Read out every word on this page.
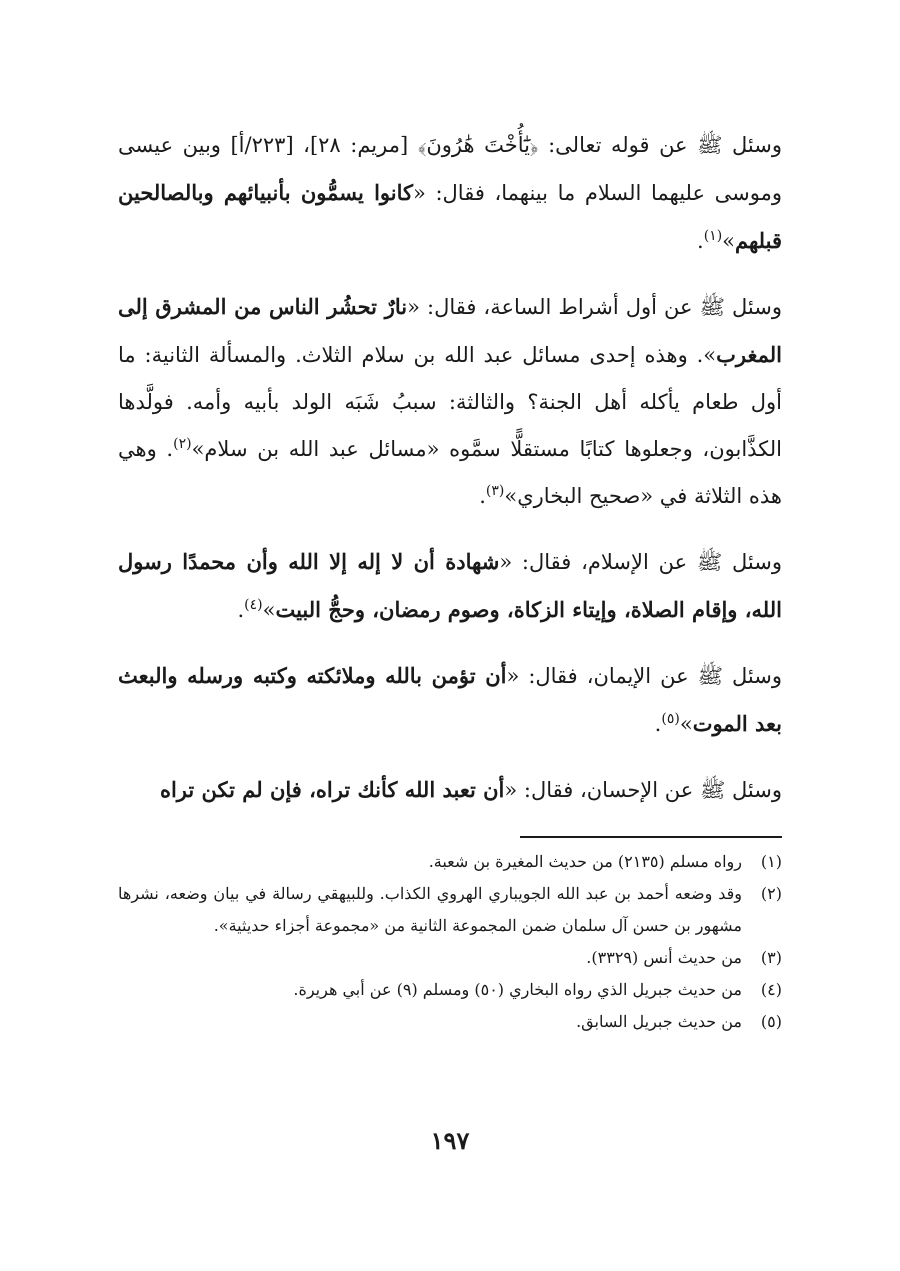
وسئل ﷺ عن قوله تعالى: ﴿يَٰٓأُخْتَ هَٰرُونَ﴾ [مريم: ٢٨]، [٢٢٣/أ] وبين عيسى وموسى عليهما السلام ما بينهما، فقال: «كانوا يسمُّون بأنبيائهم وبالصالحين قبلهم»$^{(١)}$.

وسئل ﷺ عن أول أشراط الساعة، فقال: «نارٌ تحشُر الناس من المشرق إلى المغرب». وهذه إحدى مسائل عبد الله بن سلام الثلاث. والمسألة الثانية: ما أول طعام يأكله أهل الجنة؟ والثالثة: سببُ شَبَه الولد بأبيه وأمه. فولَّدها الكذَّابون، وجعلوها كتابًا مستقلًّا سمَّوه «مسائل عبد الله بن سلام»$^{(٢)}$. وهي هذه الثلاثة في «صحيح البخاري»$^{(٣)}$.

وسئل ﷺ عن الإسلام، فقال: «شهادة أن لا إله إلا الله وأن محمدًا رسول الله، وإقام الصلاة، وإيتاء الزكاة، وصوم رمضان، وحجُّ البيت»$^{(٤)}$.

وسئل ﷺ عن الإيمان، فقال: «أن تؤمن بالله وملائكته وكتبه ورسله والبعث بعد الموت»$^{(٥)}$.

وسئل ﷺ عن الإحسان، فقال: «أن تعبد الله كأنك تراه، فإن لم تكن تراه

(١)
رواه مسلم (٢١٣٥) من حديث المغيرة بن شعبة.
(٢)
وقد وضعه أحمد بن عبد الله الجويباري الهروي الكذاب. وللبيهقي رسالة في بيان وضعه، نشرها مشهور بن حسن آل سلمان ضمن المجموعة الثانية من «مجموعة أجزاء حديثية».
(٣)
من حديث أنس (٣٣٢٩).
(٤)
من حديث جبريل الذي رواه البخاري (٥٠) ومسلم (٩) عن أبي هريرة.
(٥)
من حديث جبريل السابق.
١٩٧
